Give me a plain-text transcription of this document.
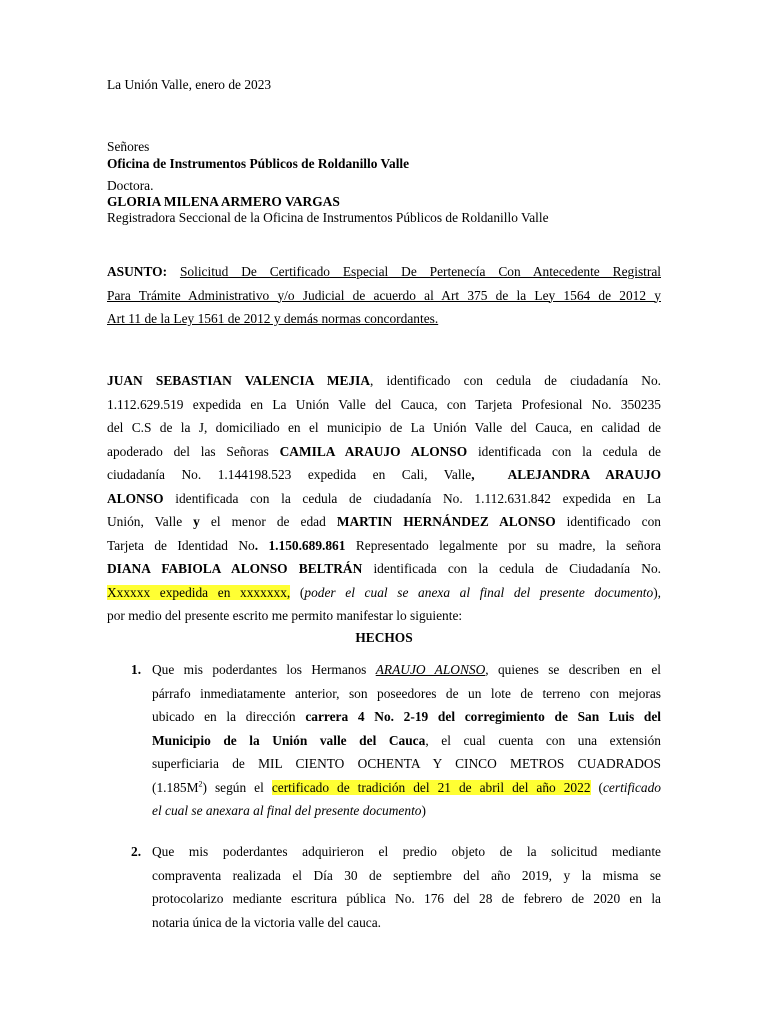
La Unión Valle, enero de 2023
Señores
Oficina de Instrumentos Públicos de Roldanillo Valle
Doctora.
GLORIA MILENA ARMERO VARGAS
Registradora Seccional de la Oficina de Instrumentos Públicos de Roldanillo Valle
ASUNTO: Solicitud De Certificado Especial De Pertenecía Con Antecedente Registral
Para Trámite Administrativo y/o Judicial de acuerdo al Art 375 de la Ley 1564 de 2012 y
Art 11 de la Ley 1561 de 2012 y demás normas concordantes.
JUAN SEBASTIAN VALENCIA MEJIA, identificado con cedula de ciudadanía No.
1.112.629.519 expedida en La Unión Valle del Cauca, con Tarjeta Profesional No. 350235
del C.S de la J, domiciliado en el municipio de La Unión Valle del Cauca, en calidad de
apoderado del las Señoras CAMILA ARAUJO ALONSO identificada con la cedula de
ciudadanía No. 1.144198.523 expedida en Cali, Valle, ALEJANDRA ARAUJO
ALONSO identificada con la cedula de ciudadanía No. 1.112.631.842 expedida en La
Unión, Valle y el menor de edad MARTIN HERNÁNDEZ ALONSO identificado con
Tarjeta de Identidad No. 1.150.689.861 Representado legalmente por su madre, la señora
DIANA FABIOLA ALONSO BELTRÁN identificada con la cedula de Ciudadanía No.
Xxxxxx expedida en xxxxxxx, (poder el cual se anexa al final del presente documento),
por medio del presente escrito me permito manifestar lo siguiente:
HECHOS
1. Que mis poderdantes los Hermanos ARAUJO ALONSO, quienes se describen en el
párrafo inmediatamente anterior, son poseedores de un lote de terreno con mejoras
ubicado en la dirección carrera 4 No. 2-19 del corregimiento de San Luis del
Municipio de la Unión valle del Cauca, el cual cuenta con una extensión
superficiaria de MIL CIENTO OCHENTA Y CINCO METROS CUADRADOS
$(1.185M^2)$ según el certificado de tradición del 21 de abril del año 2022 (certificado
el cual se anexara al final del presente documento)
2. Que mis poderdantes adquirieron el predio objeto de la solicitud mediante
compraventa realizada el Día 30 de septiembre del año 2019, y la misma se
protocolarizo mediante escritura pública No. 176 del 28 de febrero de 2020 en la
notaria única de la victoria valle del cauca.
